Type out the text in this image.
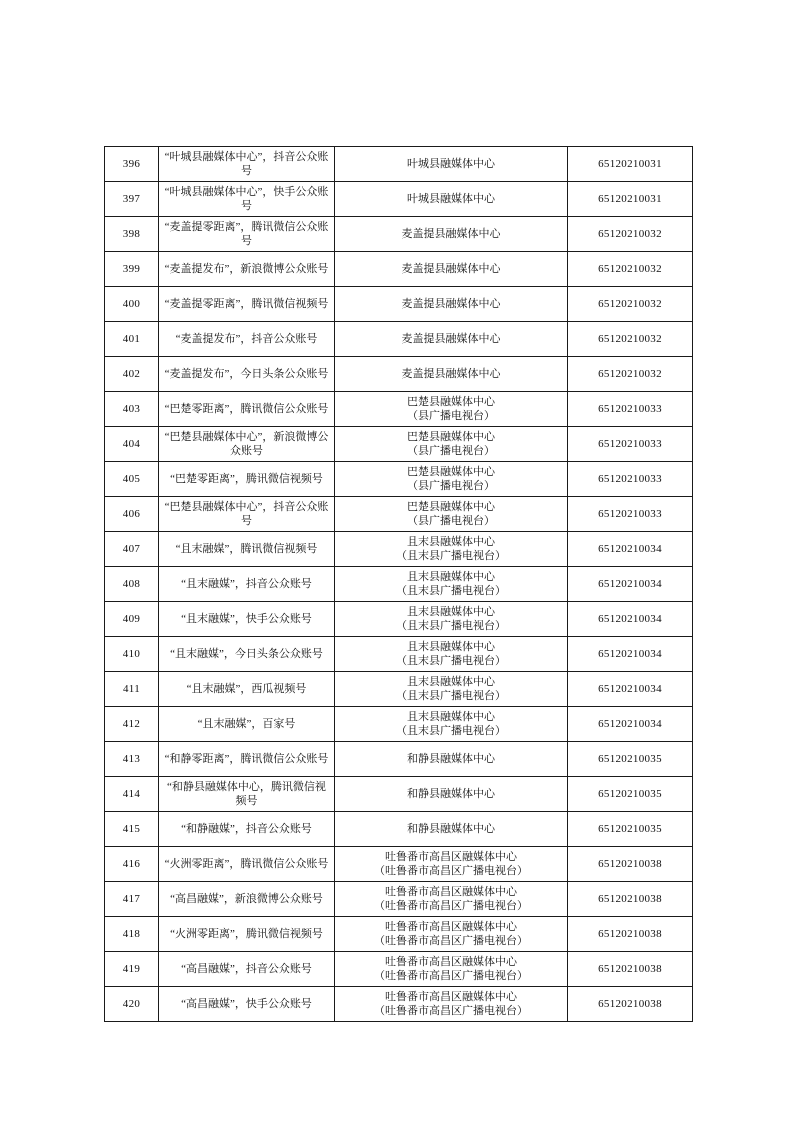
396	“叶城县融媒体中心”，抖音公众账号	叶城县融媒体中心	65120210031
397	“叶城县融媒体中心”，快手公众账号	叶城县融媒体中心	65120210031
398	“麦盖提零距离”，腾讯微信公众账号	麦盖提县融媒体中心	65120210032
399	“麦盖提发布”，新浪微博公众账号	麦盖提县融媒体中心	65120210032
400	“麦盖提零距离”，腾讯微信视频号	麦盖提县融媒体中心	65120210032
401	“麦盖提发布”，抖音公众账号	麦盖提县融媒体中心	65120210032
402	“麦盖提发布”，今日头条公众账号	麦盖提县融媒体中心	65120210032
403	“巴楚零距离”，腾讯微信公众账号	巴楚县融媒体中心
（县广播电视台）	65120210033
404	“巴楚县融媒体中心”，新浪微博公众账号	巴楚县融媒体中心
（县广播电视台）	65120210033
405	“巴楚零距离”，腾讯微信视频号	巴楚县融媒体中心
（县广播电视台）	65120210033
406	“巴楚县融媒体中心”，抖音公众账号	巴楚县融媒体中心
（县广播电视台）	65120210033
407	“且末融媒”，腾讯微信视频号	且末县融媒体中心
（且末县广播电视台）	65120210034
408	“且末融媒”，抖音公众账号	且末县融媒体中心
（且末县广播电视台）	65120210034
409	“且末融媒”，快手公众账号	且末县融媒体中心
（且末县广播电视台）	65120210034
410	“且末融媒”，今日头条公众账号	且末县融媒体中心
（且末县广播电视台）	65120210034
411	“且末融媒”，西瓜视频号	且末县融媒体中心
（且末县广播电视台）	65120210034
412	“且末融媒”，百家号	且末县融媒体中心
（且末县广播电视台）	65120210034
413	“和静零距离”，腾讯微信公众账号	和静县融媒体中心	65120210035
414	“和静县融媒体中心，腾讯微信视频号	和静县融媒体中心	65120210035
415	“和静融媒”，抖音公众账号	和静县融媒体中心	65120210035
416	“火洲零距离”，腾讯微信公众账号	吐鲁番市高昌区融媒体中心
（吐鲁番市高昌区广播电视台）	65120210038
417	“高昌融媒”，新浪微博公众账号	吐鲁番市高昌区融媒体中心
（吐鲁番市高昌区广播电视台）	65120210038
418	“火洲零距离”，腾讯微信视频号	吐鲁番市高昌区融媒体中心
（吐鲁番市高昌区广播电视台）	65120210038
419	“高昌融媒”，抖音公众账号	吐鲁番市高昌区融媒体中心
（吐鲁番市高昌区广播电视台）	65120210038
420	“高昌融媒”，快手公众账号	吐鲁番市高昌区融媒体中心
（吐鲁番市高昌区广播电视台）	65120210038
